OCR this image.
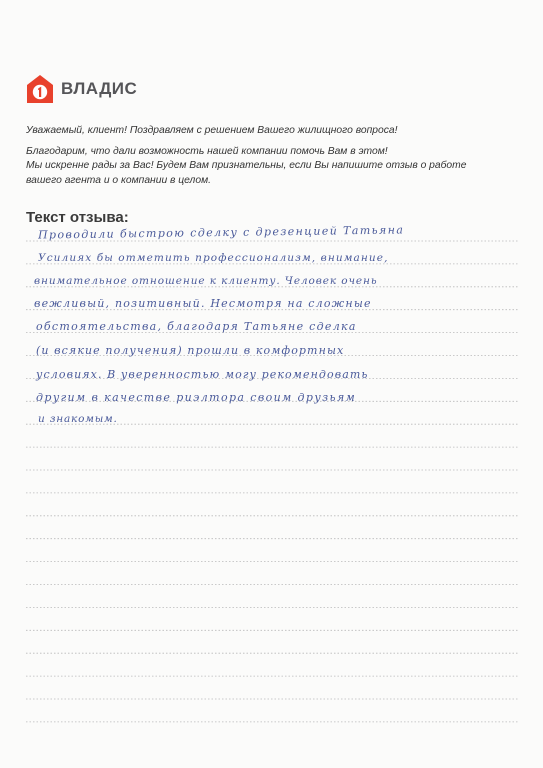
ВЛАДИС

Уважаемый, клиент! Поздравляем с решением Вашего жилищного вопроса!

Благодарим, что дали возможность нашей компании помочь Вам в этом!
Мы искренне рады за Вас! Будем Вам признательны, если Вы напишите отзыв о работе
вашего агента и о компании в целом.

Текст отзыва:
Проводили быстрою сделку с дрезенцией Татьяна
Усилиях бы отметить профессионализм, внимание,
внимательное отношение к клиенту. Человек очень
вежливый, позитивный. Несмотря на сложные
обстоятельства, благодаря Татьяне сделка
(и всякие получения) прошли в комфортных
условиях. В уверенностью могу рекомендовать
другим в качестве риэлтора своим друзьям
и знакомым.
